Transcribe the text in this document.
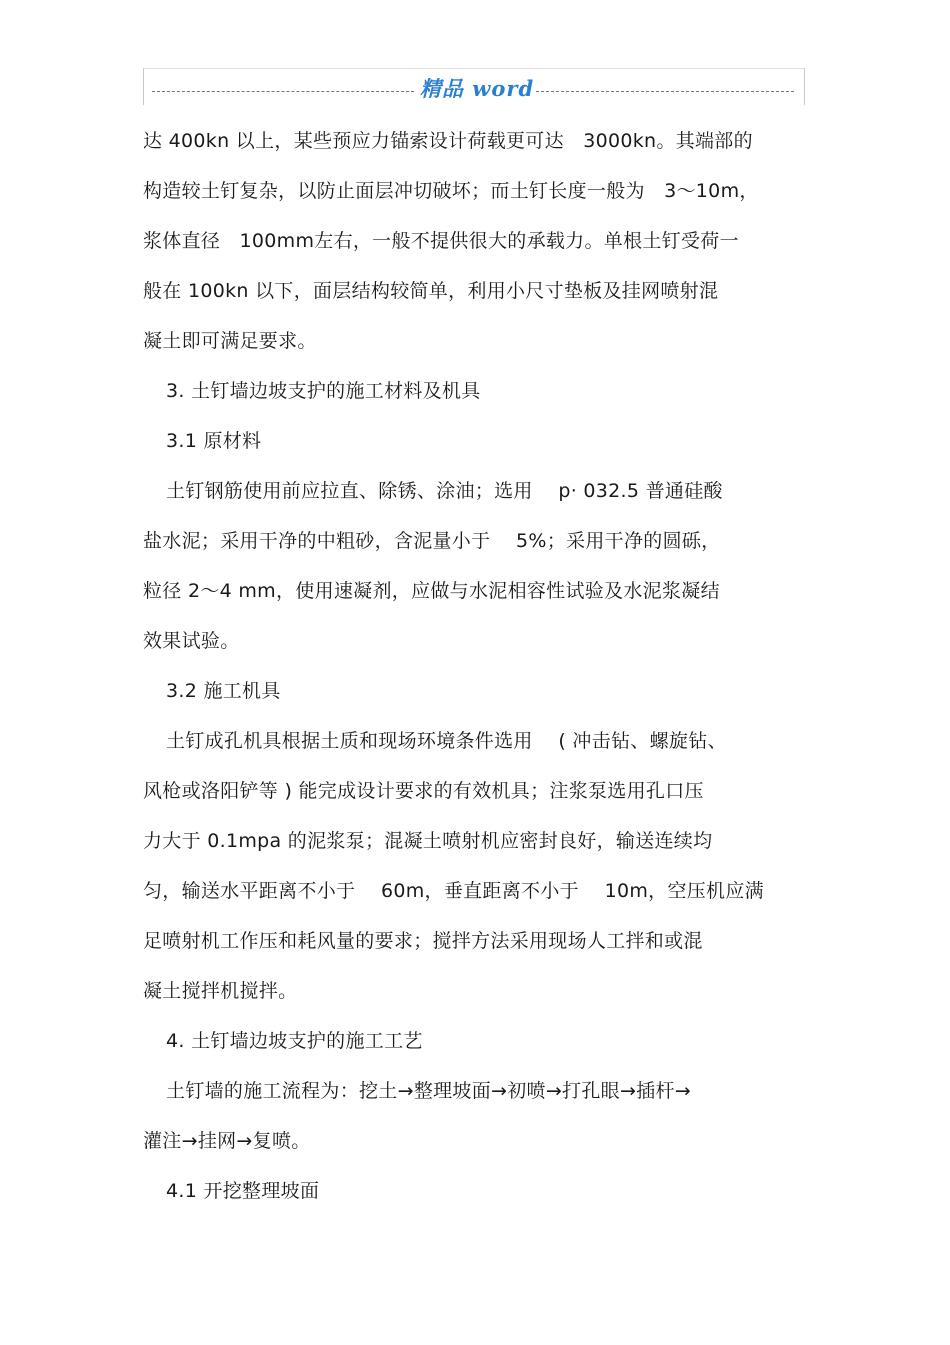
精品 word
达 400kn 以上，某些预应力锚索设计荷载更可达　3000kn。其端部的
构造较土钉复杂，以防止面层冲切破坏；而土钉长度一般为　3～10m，
浆体直径　100mm左右，一般不提供很大的承载力。单根土钉受荷一
般在 100kn 以下，面层结构较简单，利用小尺寸垫板及挂网喷射混
凝土即可满足要求。
3. 土钉墙边坡支护的施工材料及机具
3.1 原材料
土钉钢筋使用前应拉直、除锈、涂油；选用　 p· 032.5 普通硅酸
盐水泥；采用干净的中粗砂，含泥量小于　 5%；采用干净的圆砾，
粒径 2～4 mm，使用速凝剂，应做与水泥相容性试验及水泥浆凝结
效果试验。
3.2 施工机具
土钉成孔机具根据土质和现场环境条件选用　 ( 冲击钻、螺旋钻、
风枪或洛阳铲等 ) 能完成设计要求的有效机具；注浆泵选用孔口压
力大于 0.1mpa 的泥浆泵；混凝土喷射机应密封良好，输送连续均
匀，输送水平距离不小于　 60m，垂直距离不小于　 10m，空压机应满
足喷射机工作压和耗风量的要求；搅拌方法采用现场人工拌和或混
凝土搅拌机搅拌。
4. 土钉墙边坡支护的施工工艺
土钉墙的施工流程为：挖土→整理坡面→初喷→打孔眼→插杆→
灌注→挂网→复喷。
4.1 开挖整理坡面
